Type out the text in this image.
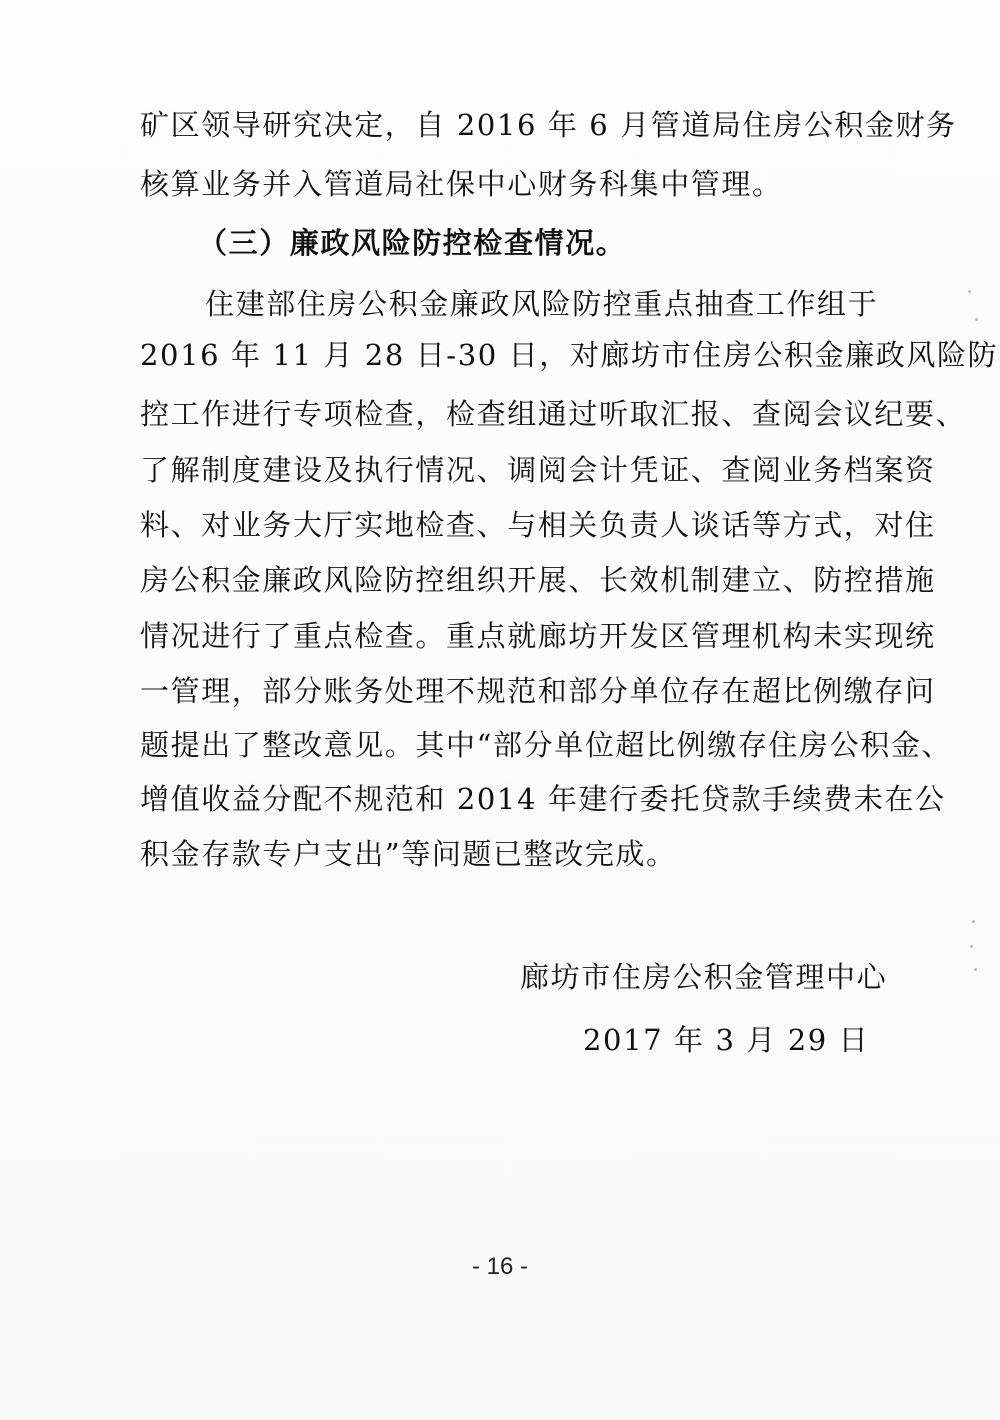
矿区领导研究决定，自 2016 年 6 月管道局住房公积金财务
核算业务并入管道局社保中心财务科集中管理。
（三）廉政风险防控检查情况。
住建部住房公积金廉政风险防控重点抽查工作组于
2016 年 11 月 28 日-30 日，对廊坊市住房公积金廉政风险防
控工作进行专项检查，检查组通过听取汇报、查阅会议纪要、
了解制度建设及执行情况、调阅会计凭证、查阅业务档案资
料、对业务大厅实地检查、与相关负责人谈话等方式，对住
房公积金廉政风险防控组织开展、长效机制建立、防控措施
情况进行了重点检查。重点就廊坊开发区管理机构未实现统
一管理，部分账务处理不规范和部分单位存在超比例缴存问
题提出了整改意见。其中“部分单位超比例缴存住房公积金、
增值收益分配不规范和 2014 年建行委托贷款手续费未在公
积金存款专户支出”等问题已整改完成。
廊坊市住房公积金管理中心
2017 年 3 月 29 日
- 16 -
